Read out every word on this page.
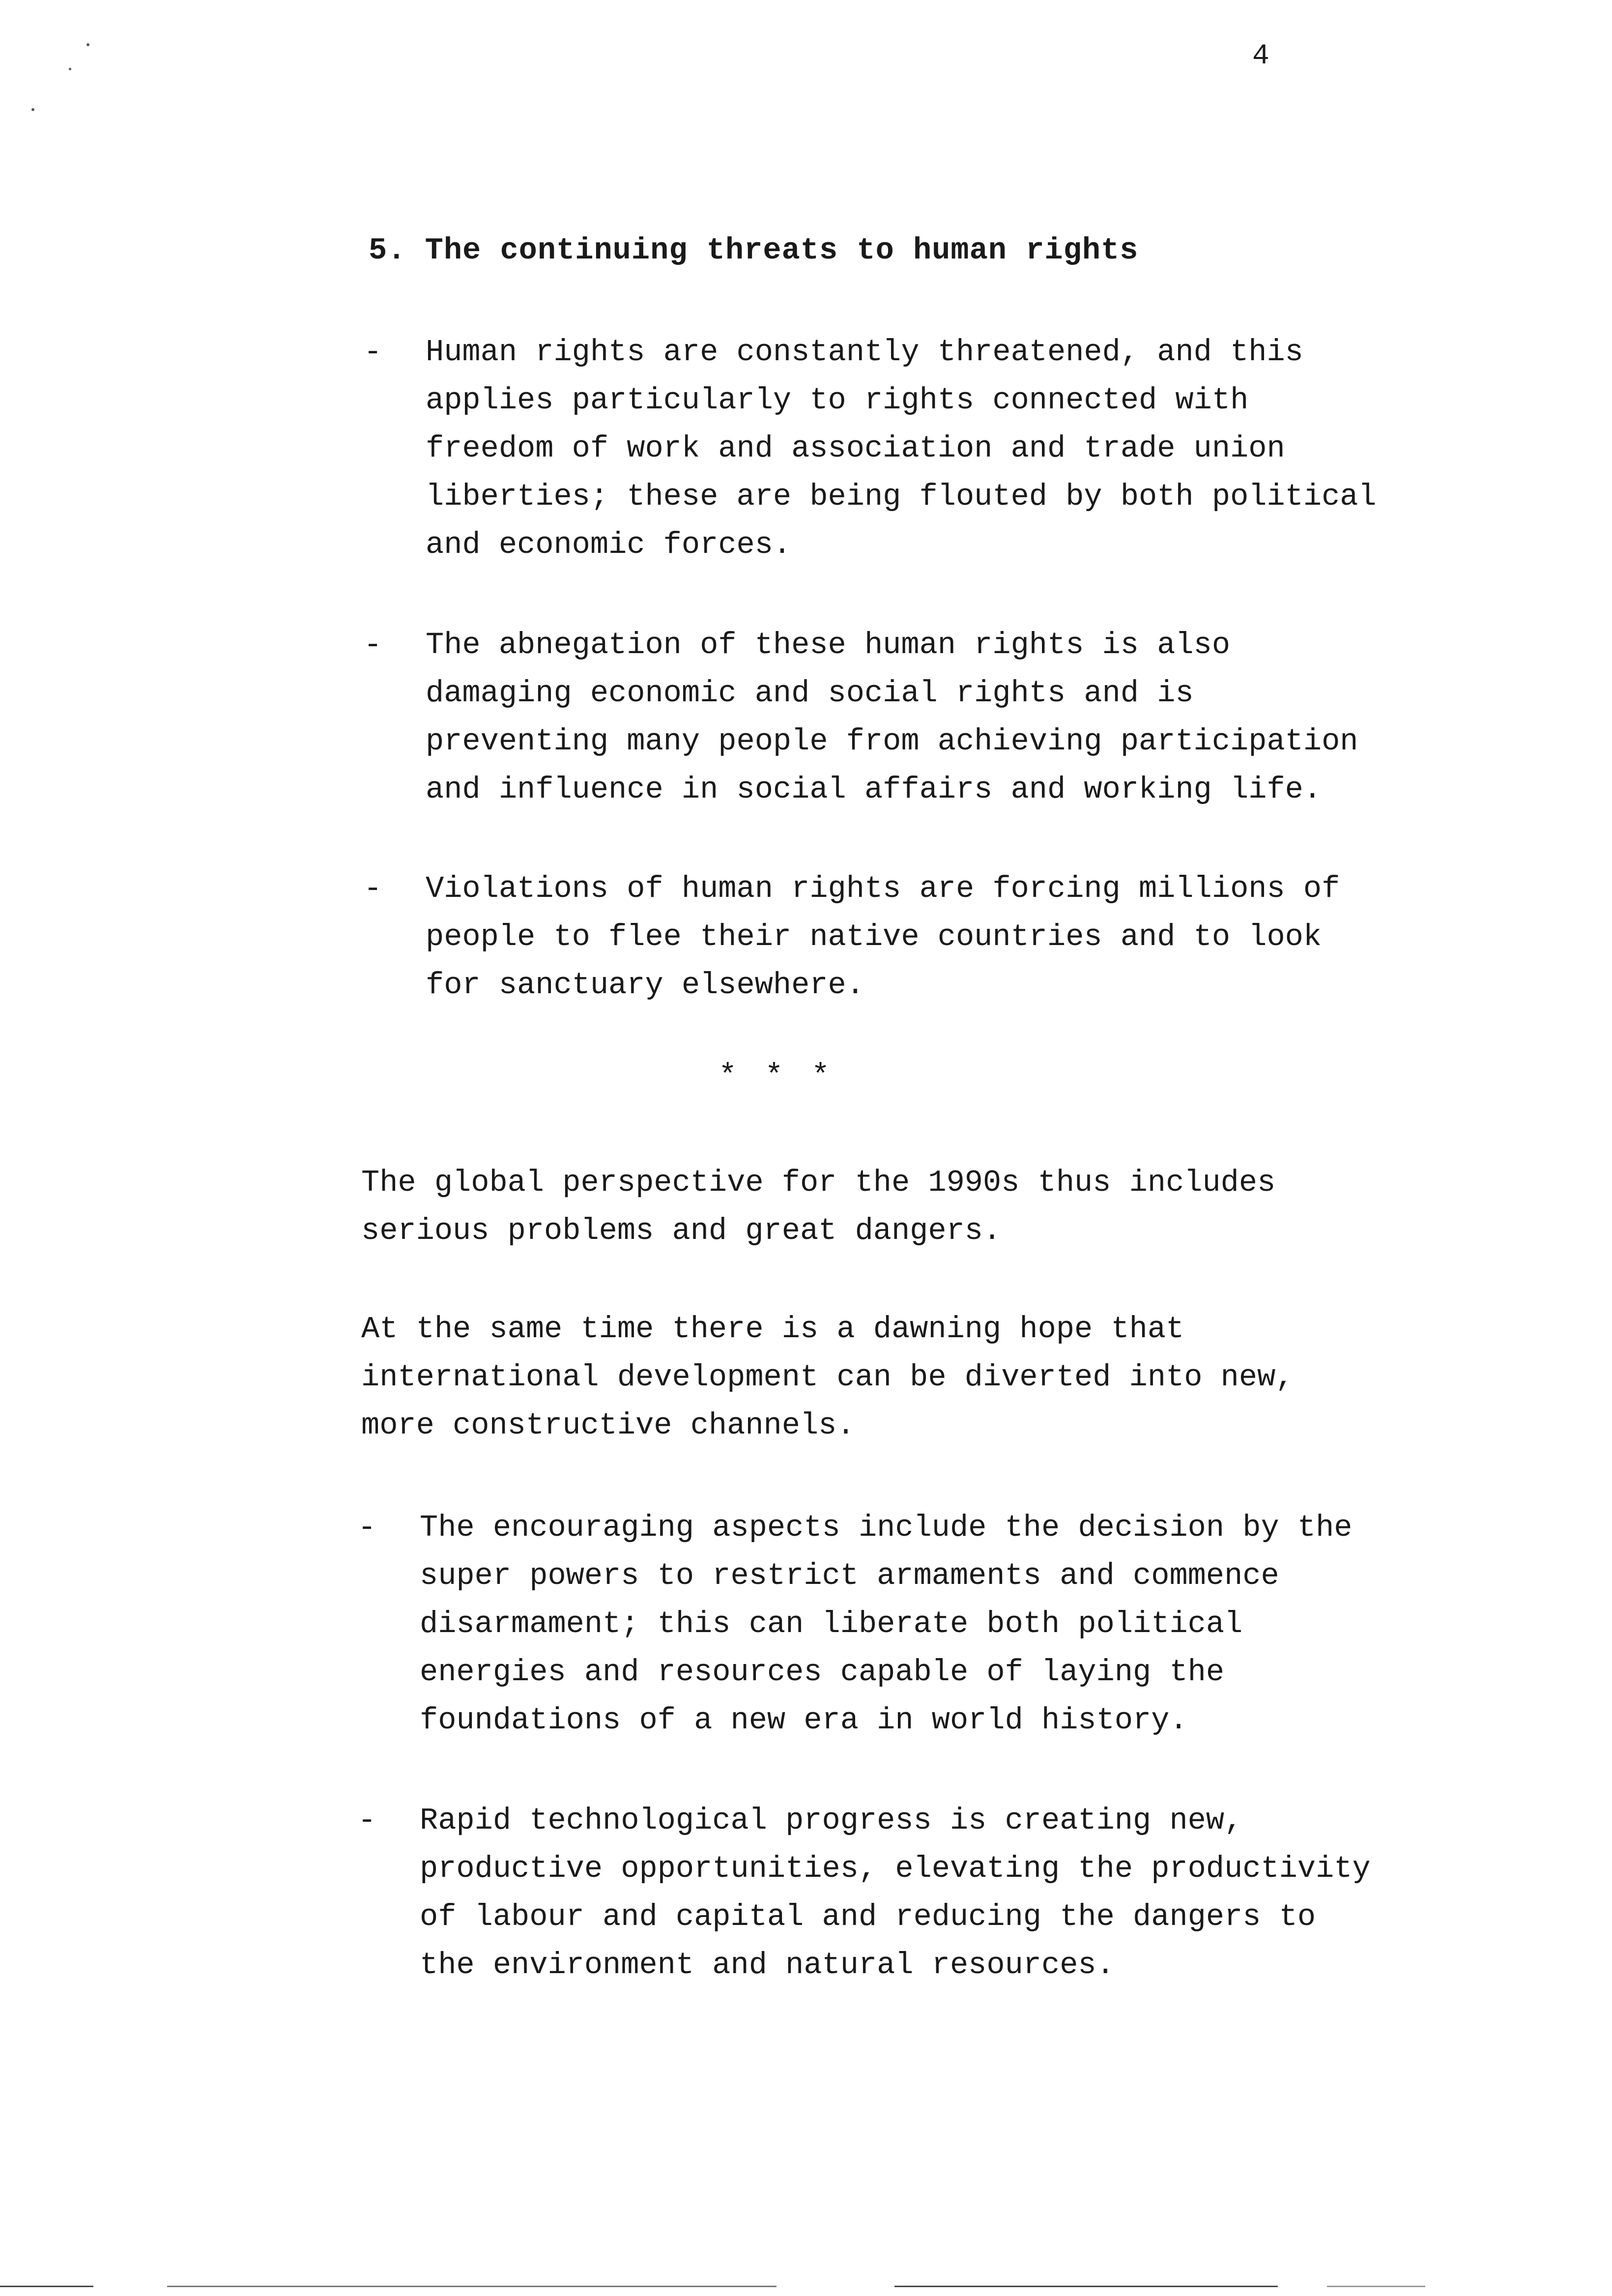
4
5. The continuing threats to human rights
- Human rights are constantly threatened, and this
applies particularly to rights connected with
freedom of work and association and trade union
liberties; these are being flouted by both political
and economic forces.
- The abnegation of these human rights is also
damaging economic and social rights and is
preventing many people from achieving participation
and influence in social affairs and working life.
- Violations of human rights are forcing millions of
people to flee their native countries and to look
for sanctuary elsewhere.
* * *
The global perspective for the 1990s thus includes
serious problems and great dangers.
At the same time there is a dawning hope that
international development can be diverted into new,
more constructive channels.
- The encouraging aspects include the decision by the
super powers to restrict armaments and commence
disarmament; this can liberate both political
energies and resources capable of laying the
foundations of a new era in world history.
- Rapid technological progress is creating new,
productive opportunities, elevating the productivity
of labour and capital and reducing the dangers to
the environment and natural resources.
